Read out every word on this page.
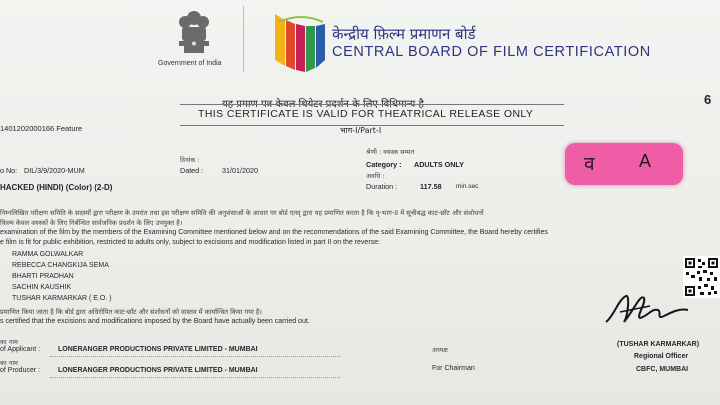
Government of India
केन्द्रीय फ़िल्म प्रमाणन बोर्ड
CENTRAL BOARD OF FILM CERTIFICATION
6
यह प्रमाण पत्र केवल थियेटर प्रदर्शन के लिए विधिमान्य है
THIS CERTIFICATE IS VALID FOR THEATRICAL RELEASE ONLY
भाग-I/Part-I
1401202000166 Feature
o No: DIL/3/9/2020-MUM
दिनांक :
Dated :	31/01/2020
श्रेणी : वयस्क सम्मत
Category : ADULTS ONLY
अवधि :
Duration :	117.58 min.sec
HACKED (HINDI) (Color) (2-D)
व A
निम्नलिखित परीक्षण समिति के सदस्यों द्वारा परीक्षण के उपरांत तथा इस परीक्षण समिति की अनुशंसाओं के आधार पर बोर्ड एतद् द्वारा यह प्रमाणित करता है कि पृ-भाग-II में सूचीबद्ध काट-छाँट और संशोधनों
फ़िल्म केवल वयस्कों के लिए निर्बन्धित सार्वजनिक प्रदर्शन के लिए उपयुक्त है।
examination of the film by the members of the Examining Committee mentioned below and on the recommendations of the said Examining Committee, the Board hereby certifies
e film is fit for public exhibition, restricted to adults only, subject to excisions and modification listed in part II on the reverse:
RAMMA GOLWALKAR
REBECCA CHANGKIJA SEMA
BHARTI PRADHAN
SACHIN KAUSHIK
TUSHAR KARMARKAR ( E.O. )
प्रमाणित किया जाता है कि बोर्ड द्वारा अधिरोपित काट-छाँट और संशोधनों को वास्तव में कार्यान्वित किया गया है।
s certified that the excisions and modifications imposed by the Board have actually been carried out.
का नाम
of Applicant :	LONERANGER PRODUCTIONS PRIVATE LIMITED - MUMBAI	अध्यक्ष
का नाम
of Producer :	LONERANGER PRODUCTIONS PRIVATE LIMITED - MUMBAI	For Chairman
(TUSHAR KARMARKAR)
Regional Officer
CBFC, MUMBAI
